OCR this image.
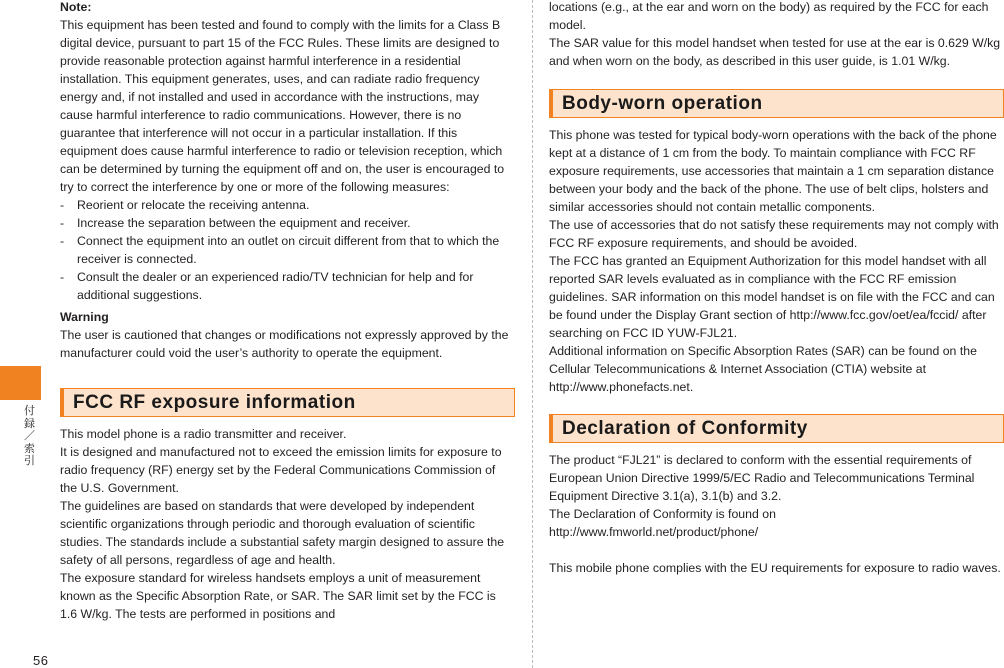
付録／索引
56

Note:

This equipment has been tested and found to comply with the limits for a Class B digital device, pursuant to part 15 of the FCC Rules. These limits are designed to provide reasonable protection against harmful interference in a residential installation. This equipment generates, uses, and can radiate radio frequency energy and, if not installed and used in accordance with the instructions, may cause harmful interference to radio communications. However, there is no guarantee that interference will not occur in a particular installation. If this equipment does cause harmful interference to radio or television reception, which can be determined by turning the equipment off and on, the user is encouraged to try to correct the interference by one or more of the following measures:

-	Reorient or relocate the receiving antenna.
-	Increase the separation between the equipment and receiver.
-	Connect the equipment into an outlet on circuit different from that to which the receiver is connected.
-	Consult the dealer or an experienced radio/TV technician for help and for additional suggestions.

Warning

The user is cautioned that changes or modifications not expressly approved by the manufacturer could void the user’s authority to operate the equipment.

FCC RF exposure information

This model phone is a radio transmitter and receiver.

It is designed and manufactured not to exceed the emission limits for exposure to radio frequency (RF) energy set by the Federal Communications Commission of the U.S. Government.

The guidelines are based on standards that were developed by independent scientific organizations through periodic and thorough evaluation of scientific studies. The standards include a substantial safety margin designed to assure the safety of all persons, regardless of age and health.

The exposure standard for wireless handsets employs a unit of measurement known as the Specific Absorption Rate, or SAR. The SAR limit set by the FCC is 1.6 W/kg. The tests are performed in positions and

locations (e.g., at the ear and worn on the body) as required by the FCC for each model.

The SAR value for this model handset when tested for use at the ear is 0.629 W/kg and when worn on the body, as described in this user guide, is 1.01 W/kg.

Body-worn operation

This phone was tested for typical body-worn operations with the back of the phone kept at a distance of 1 cm from the body. To maintain compliance with FCC RF exposure requirements, use accessories that maintain a 1 cm separation distance between your body and the back of the phone. The use of belt clips, holsters and similar accessories should not contain metallic components.

The use of accessories that do not satisfy these requirements may not comply with FCC RF exposure requirements, and should be avoided.

The FCC has granted an Equipment Authorization for this model handset with all reported SAR levels evaluated as in compliance with the FCC RF emission guidelines. SAR information on this model handset is on file with the FCC and can be found under the Display Grant section of http://www.fcc.gov/oet/ea/fccid/ after searching on FCC ID YUW-FJL21.

Additional information on Specific Absorption Rates (SAR) can be found on the Cellular Telecommunications & Internet Association (CTIA) website at http://www.phonefacts.net.

Declaration of Conformity

The product “FJL21” is declared to conform with the essential requirements of European Union Directive 1999/5/EC Radio and Telecommunications Terminal Equipment Directive 3.1(a), 3.1(b) and 3.2.

The Declaration of Conformity is found on

http://www.fmworld.net/product/phone/

This mobile phone complies with the EU requirements for exposure to radio waves.
